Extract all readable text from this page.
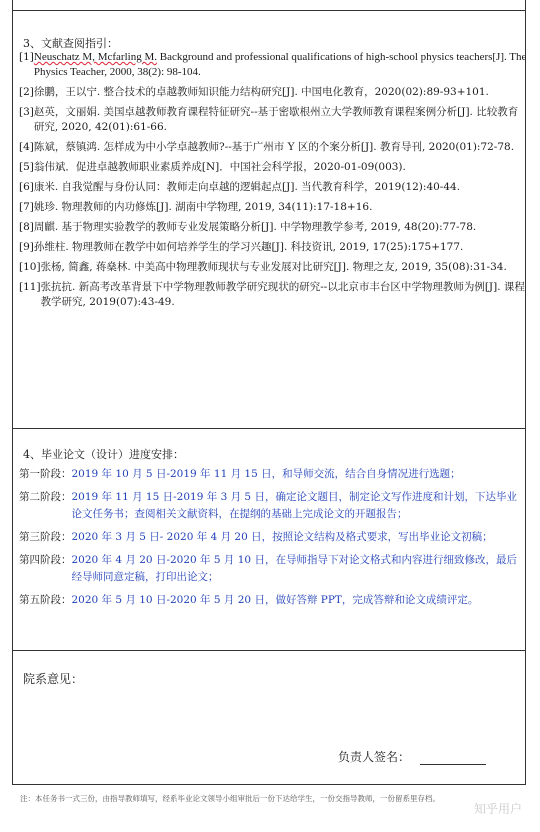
3、文献查阅指引：
[1] Neuschatz M, Mcfarling M. Background and professional qualifications of high-school physics teachers[J]. The Physics Teacher, 2000, 38(2): 98-104.
[2] 徐鹏，王以宁. 整合技术的卓越教师知识能力结构研究[J]. 中国电化教育，2020(02):89-93+101.
[3] 赵英，文丽娟. 美国卓越教师教育课程特征研究--基于密歇根州立大学教师教育课程案例分析[J]. 比较教育研究, 2020, 42(01):61-66.
[4] 陈斌，蔡镇鸿. 怎样成为中小学卓越教师?--基于广州市 Y 区的个案分析[J]. 教育导刊, 2020(01):72-78.
[5] 翁伟斌．促进卓越教师职业素质养成[N]．中国社会科学报，2020-01-09(003).
[6] 康米. 自我觉醒与身份认同：教师走向卓越的逻辑起点[J]. 当代教育科学，2019(12):40-44.
[7] 姚珍. 物理教师的内功修炼[J]. 湖南中学物理, 2019, 34(11):17-18+16.
[8] 周麒. 基于物理实验教学的教师专业发展策略分析[J]. 中学物理教学参考, 2019, 48(20):77-78.
[9] 孙维柱. 物理教师在教学中如何培养学生的学习兴趣[J]. 科技资讯, 2019, 17(25):175+177.
[10] 张杨, 简鑫, 蒋燊林. 中美高中物理教师现状与专业发展对比研究[J]. 物理之友, 2019, 35(08):31-34.
[11] 张抗抗. 新高考改革背景下中学物理教师教学研究现状的研究--以北京市丰台区中学物理教师为例[J]. 课程教学研究, 2019(07):43-49.
4、毕业论文（设计）进度安排：
第一阶段： 2019 年 10 月 5 日-2019 年 11 月 15 日，和导师交流，结合自身情况进行选题；
第二阶段： 2019 年 11 月 15 日-2019 年 3 月 5 日，确定论文题目，制定论文写作进度和计划，下达毕业论文任务书；查阅相关文献资料，在提纲的基础上完成论文的开题报告；
第三阶段： 2020 年 3 月 5 日- 2020 年 4 月 20 日，按照论文结构及格式要求，写出毕业论文初稿；
第四阶段： 2020 年 4 月 20 日-2020 年 5 月 10 日，在导师指导下对论文格式和内容进行细致修改，最后经导师同意定稿，打印出论文；
第五阶段： 2020 年 5 月 10 日-2020 年 5 月 20 日，做好答辩 PPT，完成答辩和论文成绩评定。
院系意见：
负责人签名：
注：本任务书一式三份，由指导教师填写，经系毕业论文领导小组审批后一份下达给学生，一份交指导教师，一份留系里存档。
知乎用户
